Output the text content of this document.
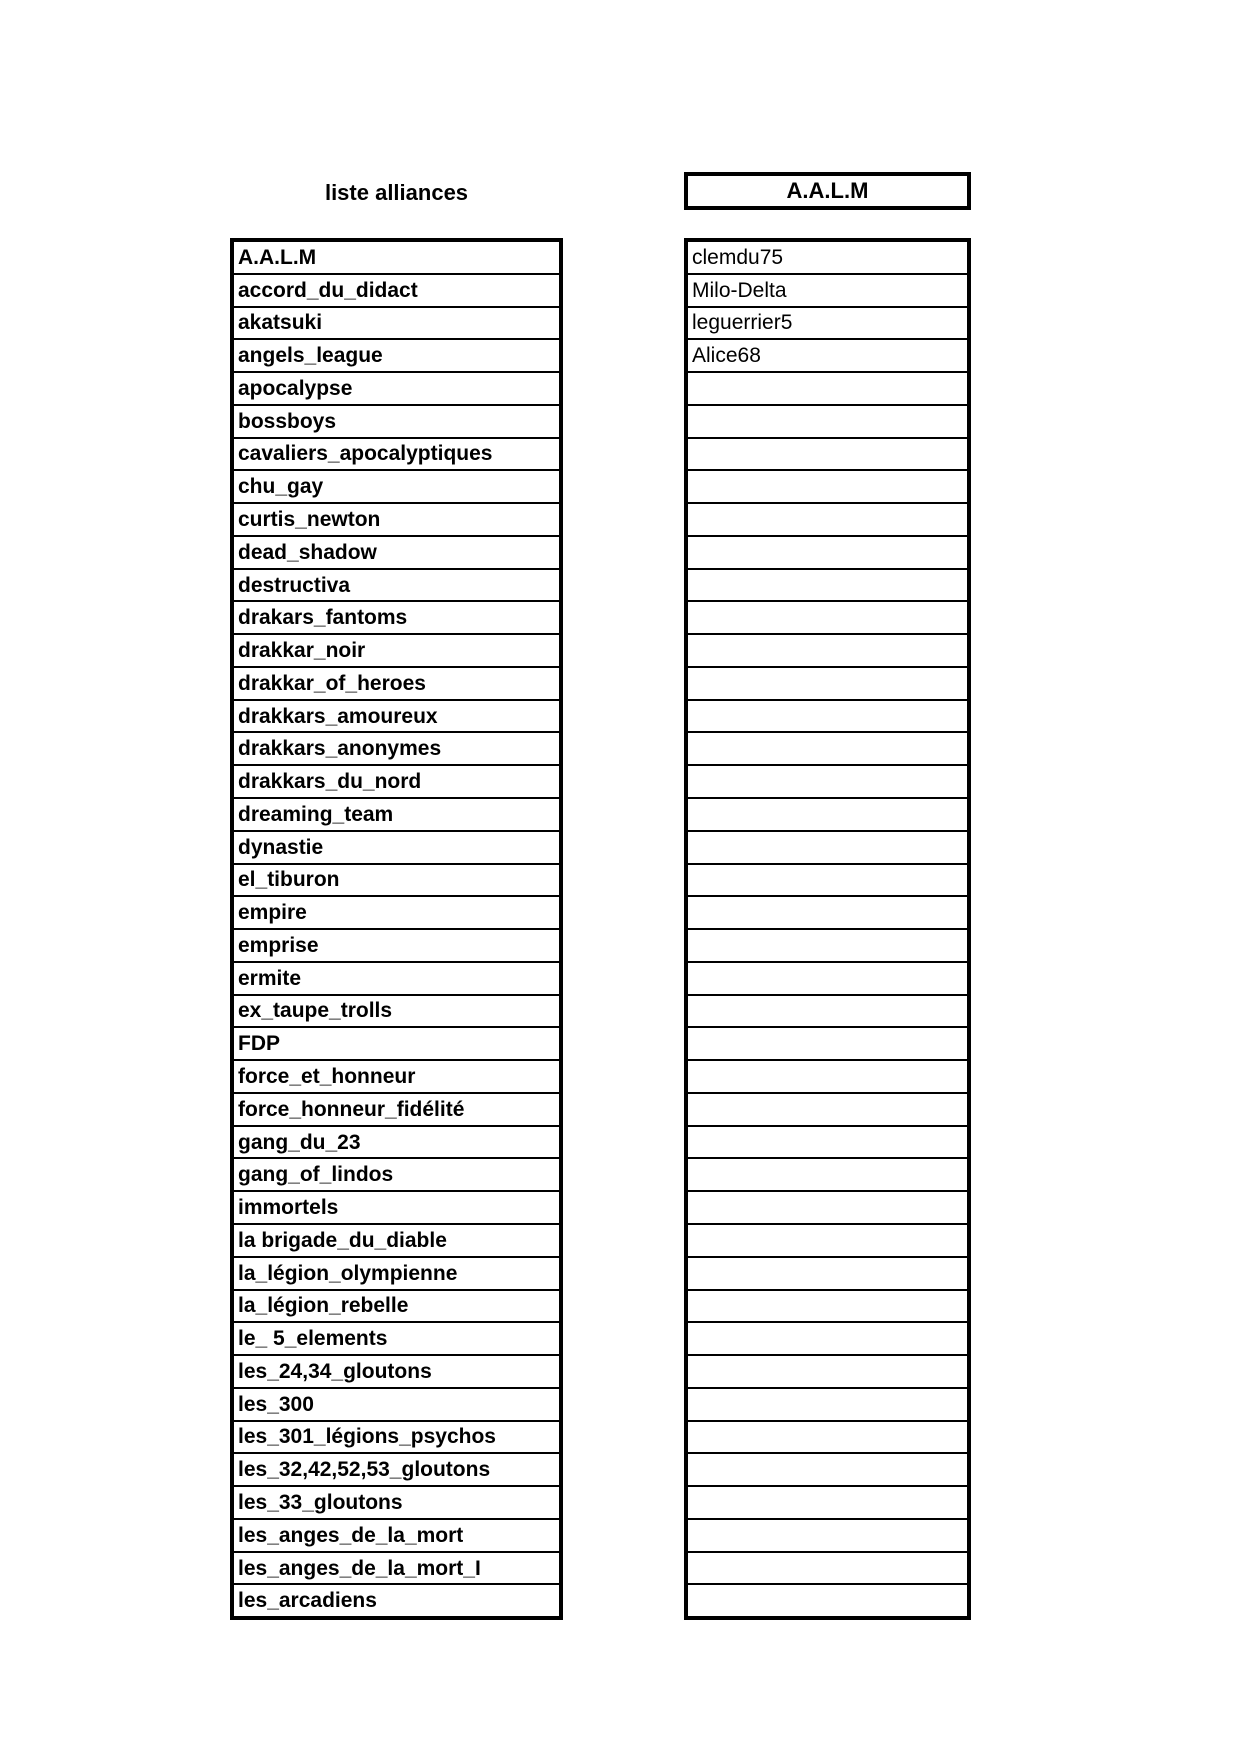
liste alliances	A.A.L.M
A.A.L.M
accord_du_didact
akatsuki
angels_league
apocalypse
bossboys
cavaliers_apocalyptiques
chu_gay
curtis_newton
dead_shadow
destructiva
drakars_fantoms
drakkar_noir
drakkar_of_heroes
drakkars_amoureux
drakkars_anonymes
drakkars_du_nord
dreaming_team
dynastie
el_tiburon
empire
emprise
ermite
ex_taupe_trolls
FDP
force_et_honneur
force_honneur_fidélité
gang_du_23
gang_of_lindos
immortels
la brigade_du_diable
la_légion_olympienne
la_légion_rebelle
le_ 5_elements
les_24,34_gloutons
les_300
les_301_légions_psychos
les_32,42,52,53_gloutons
les_33_gloutons
les_anges_de_la_mort
les_anges_de_la_mort_I
les_arcadiens
clemdu75
Milo-Delta
leguerrier5
Alice68
